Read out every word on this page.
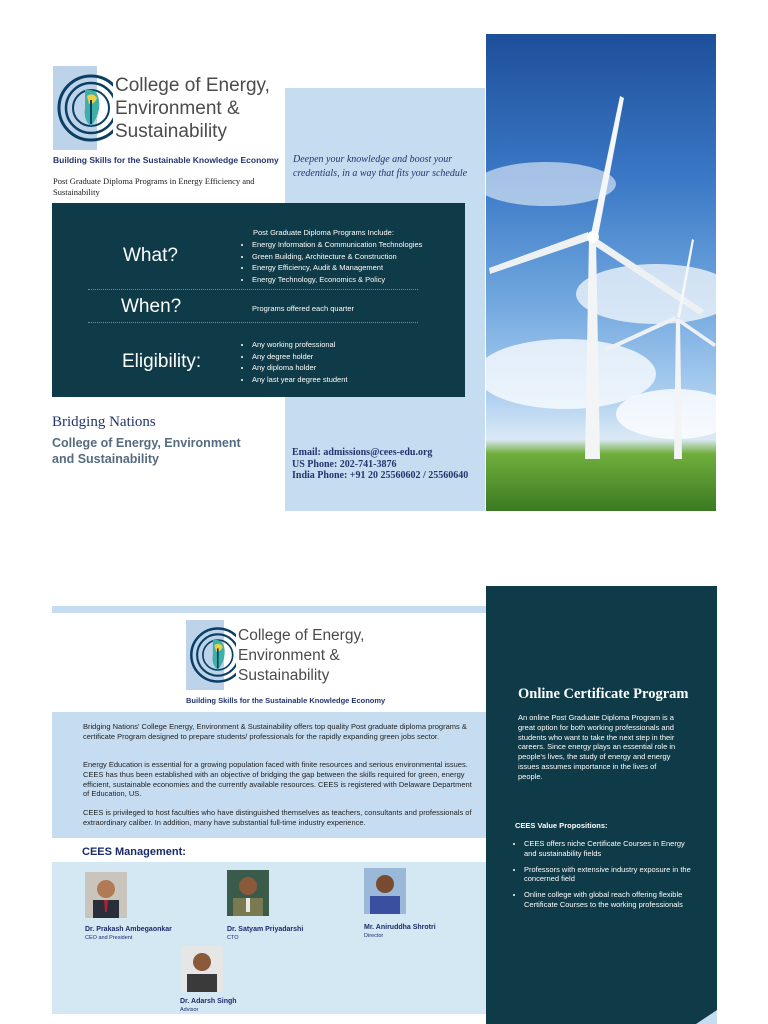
College of Energy,
Environment &
Sustainability
Building Skills for the Sustainable Knowledge Economy
Post Graduate Diploma Programs in Energy Efficiency and Sustainability
Deepen your knowledge and boost your credentials, in a way that fits your schedule
Post Graduate Diploma Programs Include:
What?
• Energy Information & Communication Technologies
• Green Building, Architecture & Construction
• Energy Efficiency, Audit & Management
• Energy Technology, Economics & Policy
When?	Programs offered each quarter
Eligibility:
• Any working professional
• Any degree holder
• Any diploma holder
• Any last year degree student
Bridging Nations
College of Energy, Environment
and Sustainability	Email: admissions@cees-edu.org
US Phone: 202-741-3876
India Phone: +91 20 25560602 / 25560640
College of Energy,
Environment &
Sustainability
Building Skills for the Sustainable Knowledge Economy
Bridging Nations' College Energy, Environment & Sustainability offers top quality Post graduate diploma programs & certificate Program designed to prepare students/ professionals for the rapidly expanding green jobs sector.
Energy Education is essential for a growing population faced with finite resources and serious environmental issues. CEES has thus been established with an objective of bridging the gap between the skills required for green, energy efficient, sustainable economies and the currently available resources. CEES is registered with Delaware Department of Education, US.
CEES is privileged to host faculties who have distinguished themselves as teachers, consultants and professionals of extraordinary caliber. In addition, many have substantial full-time industry experience.
CEES Management:
Dr. Prakash Ambegaonkar
CEO and President
Dr. Satyam Priyadarshi
CTO
Mr. Aniruddha Shrotri
Director
Dr. Adarsh Singh
Advisor
Online Certificate Program
An online Post Graduate Diploma Program is a great option for both working professionals and students who want to take the next step in their careers. Since energy plays an essential role in people's lives, the study of energy and energy issues assumes importance in the lives of people.
CEES Value Propositions:
• CEES offers niche Certificate Courses in Energy and sustainability fields
• Professors with extensive industry exposure in the concerned field
• Online college with global reach offering flexible Certificate Courses to the working professionals
